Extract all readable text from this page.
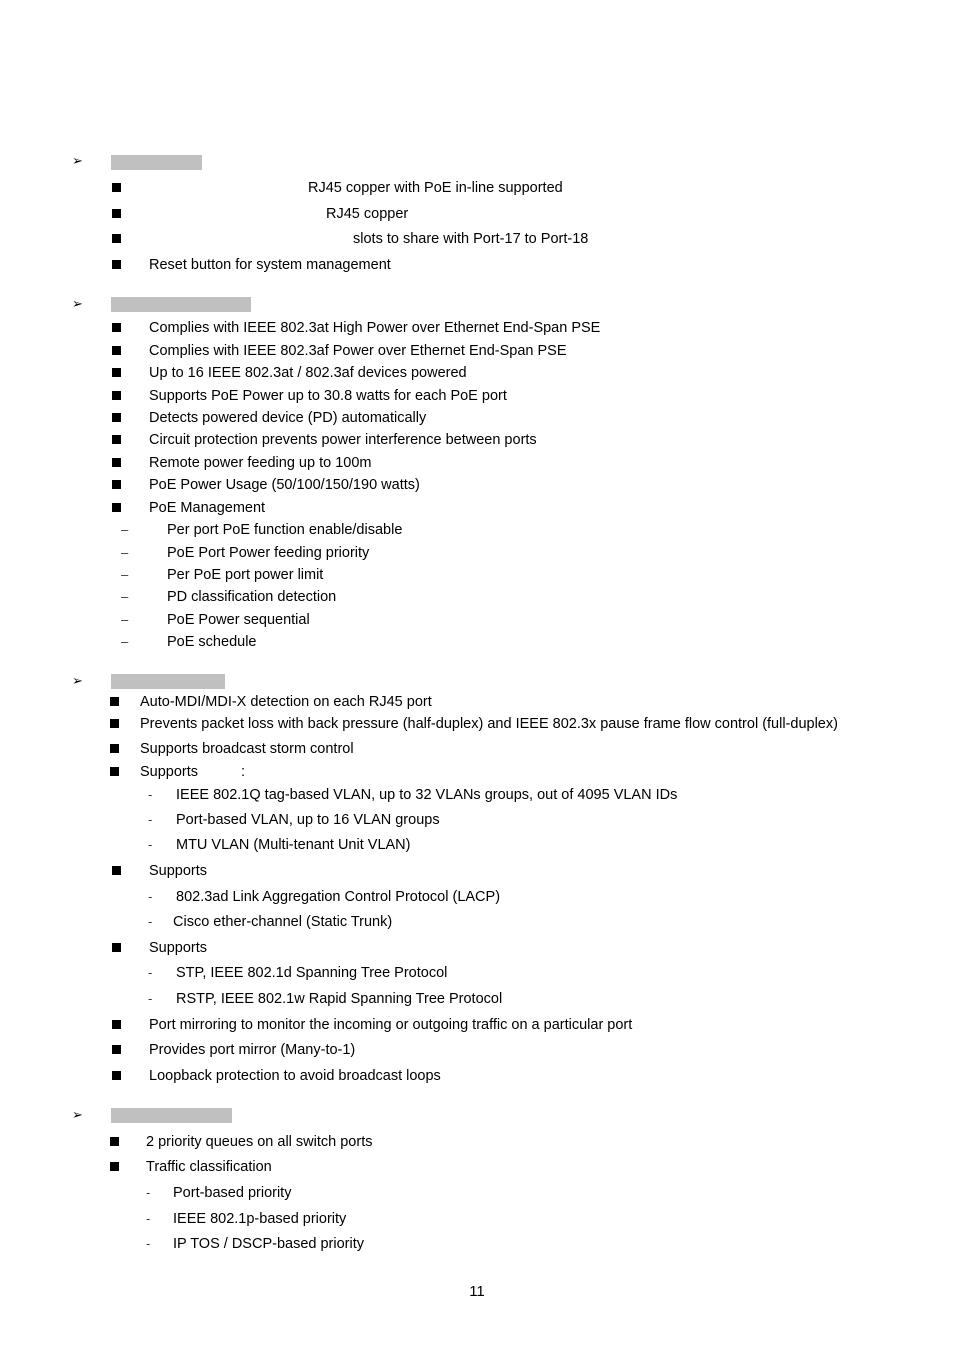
➢
RJ45 copper with PoE in-line supported
RJ45 copper
slots to share with Port-17 to Port-18
Reset button for system management
➢
Complies with IEEE 802.3at High Power over Ethernet End-Span PSE
Complies with IEEE 802.3af Power over Ethernet End-Span PSE
Up to 16 IEEE 802.3at / 802.3af devices powered
Supports PoE Power up to 30.8 watts for each PoE port
Detects powered device (PD) automatically
Circuit protection prevents power interference between ports
Remote power feeding up to 100m
PoE Power Usage (50/100/150/190 watts)
PoE Management
–	Per port PoE function enable/disable
–	PoE Port Power feeding priority
–	Per PoE port power limit
–	PD classification detection
–	PoE Power sequential
–	PoE schedule
➢
Auto-MDI/MDI-X detection on each RJ45 port
Prevents packet loss with back pressure (half-duplex) and IEEE 802.3x pause frame flow control (full-duplex)
Supports broadcast storm control
Supports	:
- IEEE 802.1Q tag-based VLAN, up to 32 VLANs groups, out of 4095 VLAN IDs
- Port-based VLAN, up to 16 VLAN groups
- MTU VLAN (Multi-tenant Unit VLAN)
Supports
- 802.3ad Link Aggregation Control Protocol (LACP)
- Cisco ether-channel (Static Trunk)
Supports
- STP, IEEE 802.1d Spanning Tree Protocol
- RSTP, IEEE 802.1w Rapid Spanning Tree Protocol
Port mirroring to monitor the incoming or outgoing traffic on a particular port
Provides port mirror (Many-to-1)
Loopback protection to avoid broadcast loops
➢
2 priority queues on all switch ports
Traffic classification
- Port-based priority
- IEEE 802.1p-based priority
- IP TOS / DSCP-based priority
11
